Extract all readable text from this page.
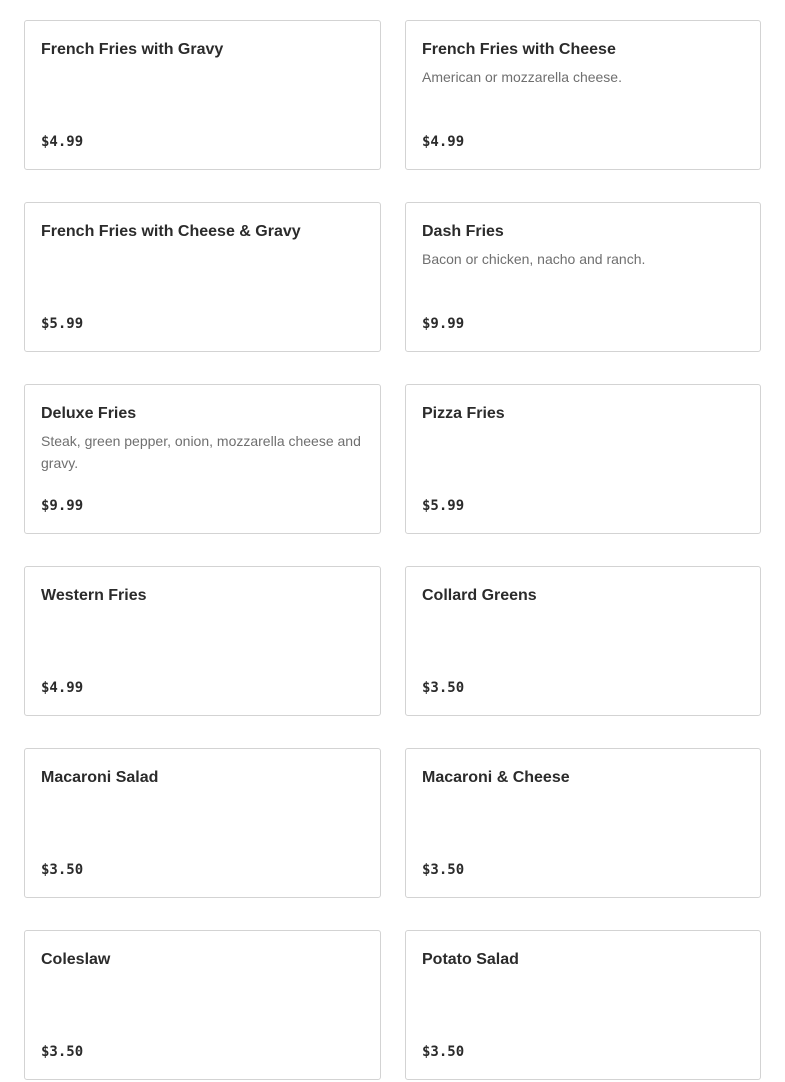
French Fries with Gravy
$4.99
French Fries with Cheese
American or mozzarella cheese.
$4.99
French Fries with Cheese & Gravy
$5.99
Dash Fries
Bacon or chicken, nacho and ranch.
$9.99
Deluxe Fries
Steak, green pepper, onion, mozzarella cheese and gravy.
$9.99
Pizza Fries
$5.99
Western Fries
$4.99
Collard Greens
$3.50
Macaroni Salad
$3.50
Macaroni & Cheese
$3.50
Coleslaw
$3.50
Potato Salad
$3.50
